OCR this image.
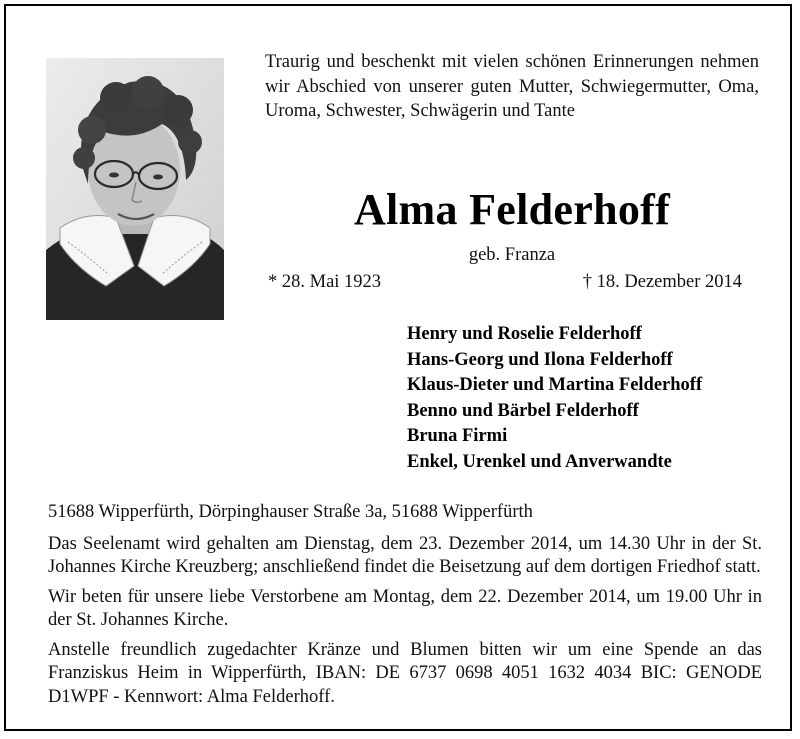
Traurig und beschenkt mit vielen schönen Erinnerungen nehmen wir Abschied von unserer guten Mutter, Schwiegermutter, Oma, Uroma, Schwester, Schwägerin und Tante
Alma Felderhoff
geb. Franza
* 28. Mai 1923	† 18. Dezember 2014
Henry und Roselie Felderhoff
Hans-Georg und Ilona Felderhoff
Klaus-Dieter und Martina Felderhoff
Benno und Bärbel Felderhoff
Bruna Firmi
Enkel, Urenkel und Anverwandte

51688 Wipperfürth, Dörpinghauser Straße 3a, 51688 Wipperfürth

Das Seelenamt wird gehalten am Dienstag, dem 23. Dezember 2014, um 14.30 Uhr in der St. Johannes Kirche Kreuzberg; anschließend findet die Beisetzung auf dem dortigen Friedhof statt.

Wir beten für unsere liebe Verstorbene am Montag, dem 22. Dezember 2014, um 19.00 Uhr in der St. Johannes Kirche.

Anstelle freundlich zugedachter Kränze und Blumen bitten wir um eine Spende an das Franziskus Heim in Wipperfürth, IBAN: DE 6737 0698 4051 1632 4034 BIC: GENODE D1WPF - Kennwort: Alma Felderhoff.
